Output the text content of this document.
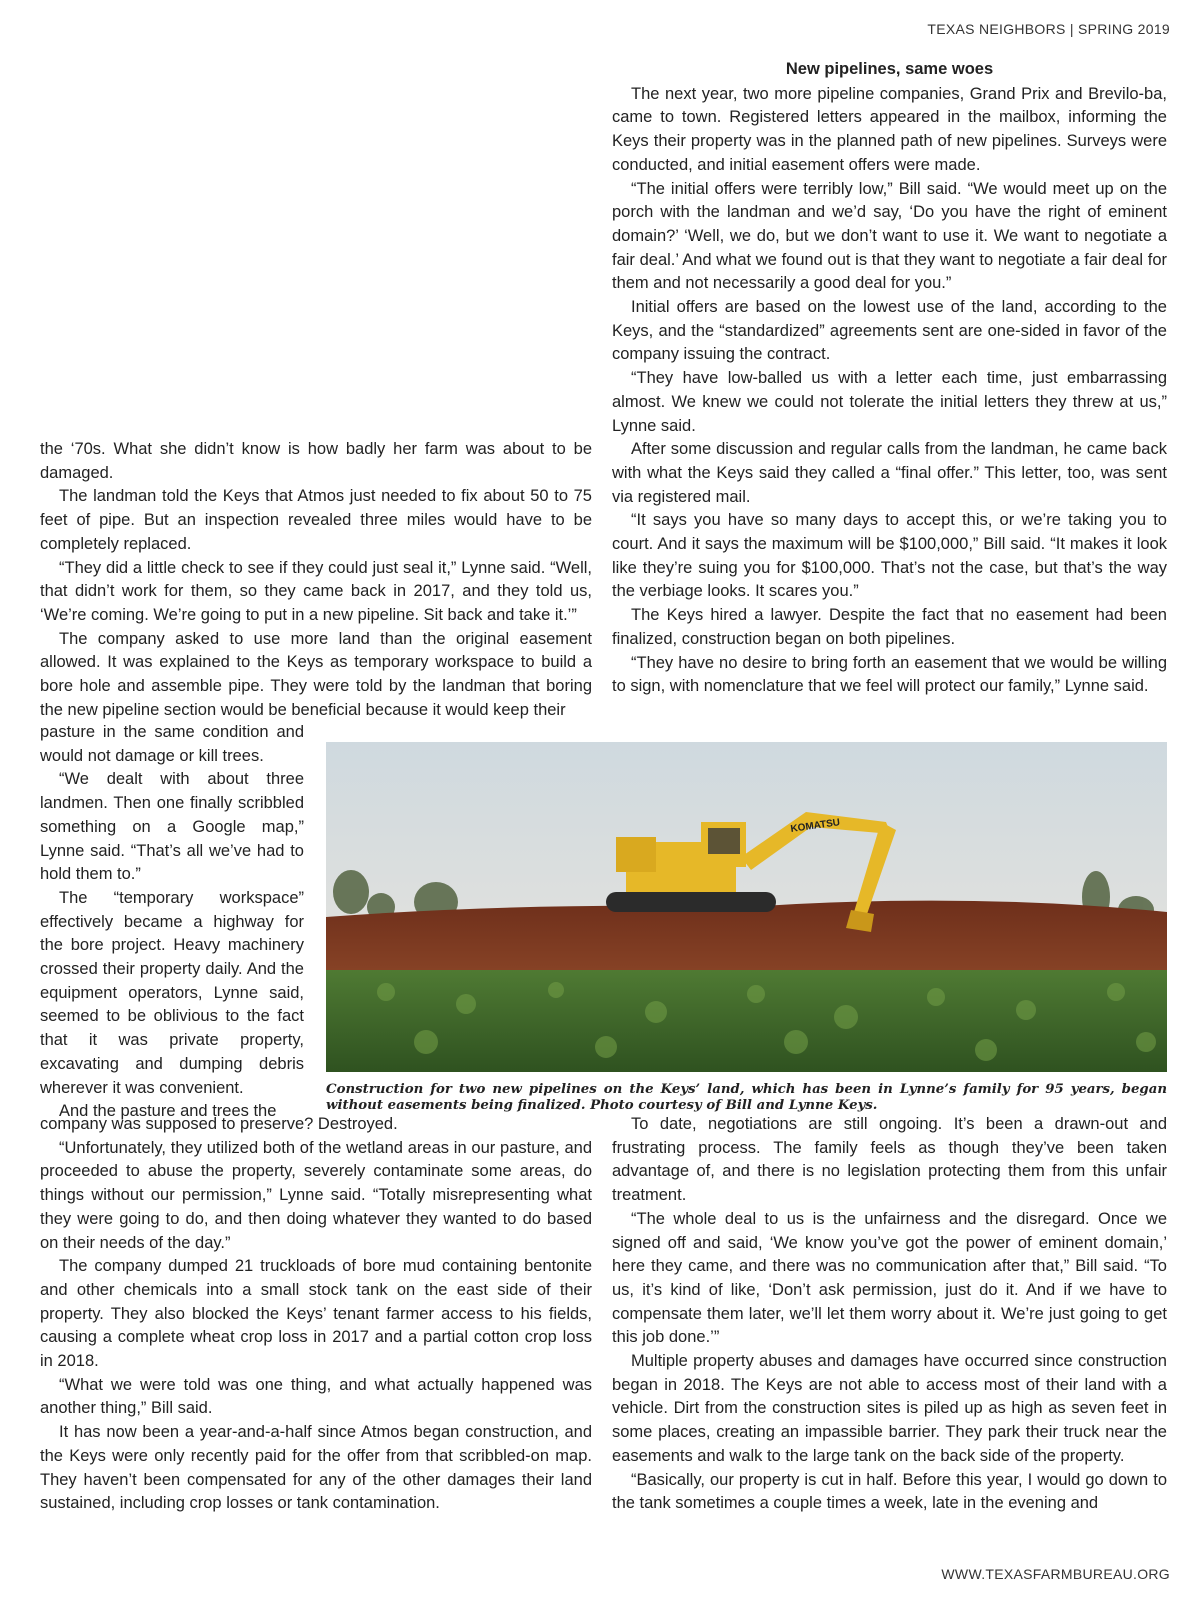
TEXAS NEIGHBORS | SPRING 2019

New pipelines, same woes

The next year, two more pipeline companies, Grand Prix and Brevilo-ba, came to town. Registered letters appeared in the mailbox, informing the Keys their property was in the planned path of new pipelines. Surveys were conducted, and initial easement offers were made.

“The initial offers were terribly low,” Bill said. “We would meet up on the porch with the landman and we’d say, ‘Do you have the right of eminent domain?’ ‘Well, we do, but we don’t want to use it. We want to negotiate a fair deal.’ And what we found out is that they want to negotiate a fair deal for them and not necessarily a good deal for you.”

Initial offers are based on the lowest use of the land, according to the Keys, and the “standardized” agreements sent are one-sided in favor of the company issuing the contract.

“They have low-balled us with a letter each time, just embarrassing almost. We knew we could not tolerate the initial letters they threw at us,” Lynne said.

After some discussion and regular calls from the landman, he came back with what the Keys said they called a “final offer.” This letter, too, was sent via registered mail.

“It says you have so many days to accept this, or we’re taking you to court. And it says the maximum will be $100,000,” Bill said. “It makes it look like they’re suing you for $100,000. That’s not the case, but that’s the way the verbiage looks. It scares you.”

The Keys hired a lawyer. Despite the fact that no easement had been finalized, construction began on both pipelines.

“They have no desire to bring forth an easement that we would be willing to sign, with nomenclature that we feel will protect our family,” Lynne said.

the ‘70s. What she didn’t know is how badly her farm was about to be damaged.

The landman told the Keys that Atmos just needed to fix about 50 to 75 feet of pipe. But an inspection revealed three miles would have to be completely replaced.

“They did a little check to see if they could just seal it,” Lynne said. “Well, that didn’t work for them, so they came back in 2017, and they told us, ‘We’re coming. We’re going to put in a new pipeline. Sit back and take it.’”

The company asked to use more land than the original easement allowed. It was explained to the Keys as temporary workspace to build a bore hole and assemble pipe. They were told by the landman that boring the new pipeline section would be beneficial because it would keep their

pasture in the same condition and would not damage or kill trees.

“We dealt with about three landmen. Then one finally scribbled something on a Google map,” Lynne said. “That’s all we’ve had to hold them to.”

The “temporary workspace” effectively became a highway for the bore project. Heavy machinery crossed their property daily. And the equipment operators, Lynne said, seemed to be oblivious to the fact that it was private property, excavating and dumping debris wherever it was convenient.

And the pasture and trees the

KOMATSU
Construction for two new pipelines on the Keys’ land, which has been in Lynne’s family for 95 years, began without easements being finalized. Photo courtesy of Bill and Lynne Keys.

company was supposed to preserve? Destroyed.

“Unfortunately, they utilized both of the wetland areas in our pasture, and proceeded to abuse the property, severely contaminate some areas, do things without our permission,” Lynne said. “Totally misrepresenting what they were going to do, and then doing whatever they wanted to do based on their needs of the day.”

The company dumped 21 truckloads of bore mud containing bentonite and other chemicals into a small stock tank on the east side of their property. They also blocked the Keys’ tenant farmer access to his fields, causing a complete wheat crop loss in 2017 and a partial cotton crop loss in 2018.

“What we were told was one thing, and what actually happened was another thing,” Bill said.

It has now been a year-and-a-half since Atmos began construction, and the Keys were only recently paid for the offer from that scribbled-on map. They haven’t been compensated for any of the other damages their land sustained, including crop losses or tank contamination.

To date, negotiations are still ongoing. It’s been a drawn-out and frustrating process. The family feels as though they’ve been taken advantage of, and there is no legislation protecting them from this unfair treatment.

“The whole deal to us is the unfairness and the disregard. Once we signed off and said, ‘We know you’ve got the power of eminent domain,’ here they came, and there was no communication after that,” Bill said. “To us, it’s kind of like, ‘Don’t ask permission, just do it. And if we have to compensate them later, we’ll let them worry about it. We’re just going to get this job done.’”

Multiple property abuses and damages have occurred since construction began in 2018. The Keys are not able to access most of their land with a vehicle. Dirt from the construction sites is piled up as high as seven feet in some places, creating an impassible barrier. They park their truck near the easements and walk to the large tank on the back side of the property.

“Basically, our property is cut in half. Before this year, I would go down to the tank sometimes a couple times a week, late in the evening and

WWW.TEXASFARMBUREAU.ORG
